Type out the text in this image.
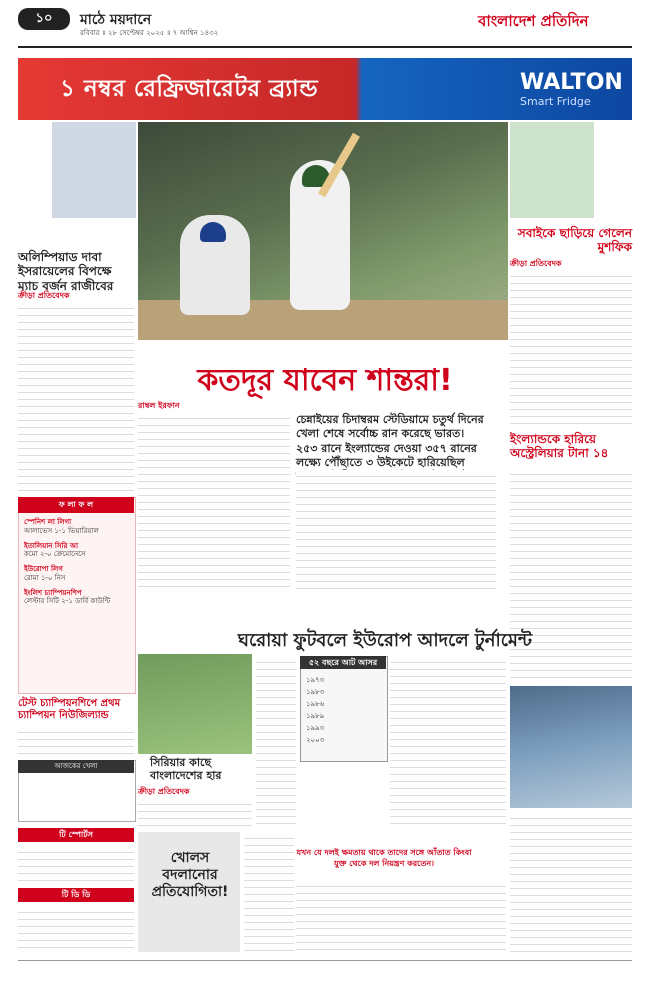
১০	মাঠে ময়দানে
রবিবার ॥ ২৮ সেপ্টেম্বর ২০২৫ ॥ ৭ আশ্বিন ১৪৩২
বাংলাদেশ প্রতিদিন
১ নম্বর রেফ্রিজারেটর ব্র্যান্ড	WALTON
Smart Fridge
অলিম্পিয়াড দাবা ইসরায়েলের বিপক্ষে ম্যাচ বর্জন রাজীবের
ক্রীড়া প্রতিবেদক
সবাইকে ছাড়িয়ে গেলেন মুশফিক
ক্রীড়া প্রতিবেদক
ইংল্যান্ডকে হারিয়ে অস্ট্রেলিয়ার টানা ১৪
কতদূর যাবেন শান্তরা!
রাম্বল ইরফান
চেন্নাইয়ের চিদাম্বরম স্টেডিয়ামে চতুর্থ দিনের খেলা শেষে সর্বোচ্চ রান করেছে ভারত। ২৫৩ রানে ইংল্যান্ডের দেওয়া ৩৫৭ রানের লক্ষ্যে পৌঁছাতে ৩ উইকেটে হারিয়েছিল
ফ লা ফ ল
স্পেনিশ লা লিগা
আলাভেস ১-১ ভিয়ারিয়াল
ইতালিয়ান সিরি আ
কমো ২-০ ক্রেমোনেসে
ইউরোপা লিগ
রোমা ১-০ নিস
ইংলিশ চ্যাম্পিয়নশিপ
লেস্টার সিটি ২-১ ডার্বি কাউন্টি
টেস্ট চ্যাম্পিয়নশিপে প্রথম চ্যাম্পিয়ন নিউজিল্যান্ড
ঘরোয়া ফুটবলে ইউরোপ আদলে টুর্নামেন্ট
সিরিয়ার কাছে বাংলাদেশের হার
ক্রীড়া প্রতিবেদক
৫২ বছরে আট আসর
১৯৭৩
১৯৮৩
১৯৮৬
১৯৮৯
১৯৯৩
২০০৩
আজকের খেলা
টি স্পোর্টস
টি ডি ডি
খোলস বদলানোর প্রতিযোগিতা!
যখন যে দলই ক্ষমতায় থাকে তাদের সঙ্গে আঁতাত কিংবা যুক্ত থেকে দল নিয়ন্ত্রণ করতেন।
